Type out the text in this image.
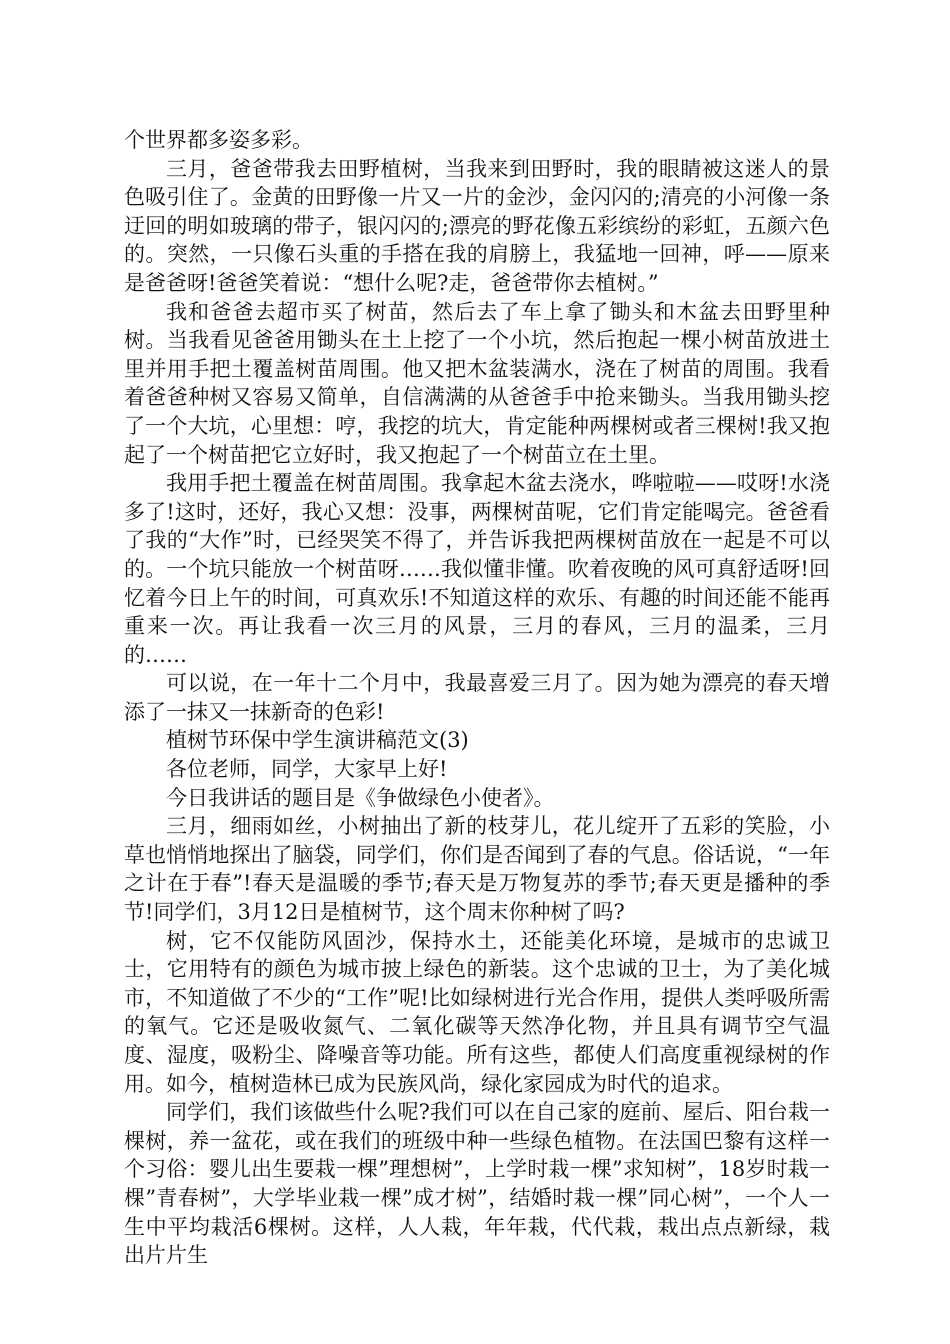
个世界都多姿多彩。

三月，爸爸带我去田野植树，当我来到田野时，我的眼睛被这迷人的景色吸引住了。金黄的田野像一片又一片的金沙，金闪闪的;清亮的小河像一条迂回的明如玻璃的带子，银闪闪的;漂亮的野花像五彩缤纷的彩虹，五颜六色的。突然，一只像石头重的手搭在我的肩膀上，我猛地一回神，呼——原来是爸爸呀!爸爸笑着说：“想什么呢?走，爸爸带你去植树。”

我和爸爸去超市买了树苗，然后去了车上拿了锄头和木盆去田野里种树。当我看见爸爸用锄头在土上挖了一个小坑，然后抱起一棵小树苗放进土里并用手把土覆盖树苗周围。他又把木盆装满水，浇在了树苗的周围。我看着爸爸种树又容易又简单，自信满满的从爸爸手中抢来锄头。当我用锄头挖了一个大坑，心里想：哼，我挖的坑大，肯定能种两棵树或者三棵树!我又抱起了一个树苗把它立好时，我又抱起了一个树苗立在土里。

我用手把土覆盖在树苗周围。我拿起木盆去浇水，哗啦啦——哎呀!水浇多了!这时，还好，我心又想：没事，两棵树苗呢，它们肯定能喝完。爸爸看了我的“大作”时，已经哭笑不得了，并告诉我把两棵树苗放在一起是不可以的。一个坑只能放一个树苗呀……我似懂非懂。吹着夜晚的风可真舒适呀!回忆着今日上午的时间，可真欢乐!不知道这样的欢乐、有趣的时间还能不能再重来一次。再让我看一次三月的风景，三月的春风，三月的温柔，三月的……

可以说，在一年十二个月中，我最喜爱三月了。因为她为漂亮的春天增添了一抹又一抹新奇的色彩!

植树节环保中学生演讲稿范文(3)

各位老师，同学，大家早上好!

今日我讲话的题目是《争做绿色小使者》。

三月，细雨如丝，小树抽出了新的枝芽儿，花儿绽开了五彩的笑脸，小草也悄悄地探出了脑袋，同学们，你们是否闻到了春的气息。俗话说，“一年之计在于春”!春天是温暖的季节;春天是万物复苏的季节;春天更是播种的季节!同学们，3月12日是植树节，这个周末你种树了吗?

树，它不仅能防风固沙，保持水土，还能美化环境，是城市的忠诚卫士，它用特有的颜色为城市披上绿色的新装。这个忠诚的卫士，为了美化城市，不知道做了不少的“工作”呢!比如绿树进行光合作用，提供人类呼吸所需的氧气。它还是吸收氮气、二氧化碳等天然净化物，并且具有调节空气温度、湿度，吸粉尘、降噪音等功能。所有这些，都使人们高度重视绿树的作用。如今，植树造林已成为民族风尚，绿化家园成为时代的追求。

同学们，我们该做些什么呢?我们可以在自己家的庭前、屋后、阳台栽一棵树，养一盆花，或在我们的班级中种一些绿色植物。在法国巴黎有这样一个习俗：婴儿出生要栽一棵”理想树”，上学时栽一棵”求知树”，18岁时栽一棵”青春树”，大学毕业栽一棵”成才树”，结婚时栽一棵”同心树”，一个人一生中平均栽活6棵树。这样，人人栽，年年栽，代代栽，栽出点点新绿，栽出片片生
